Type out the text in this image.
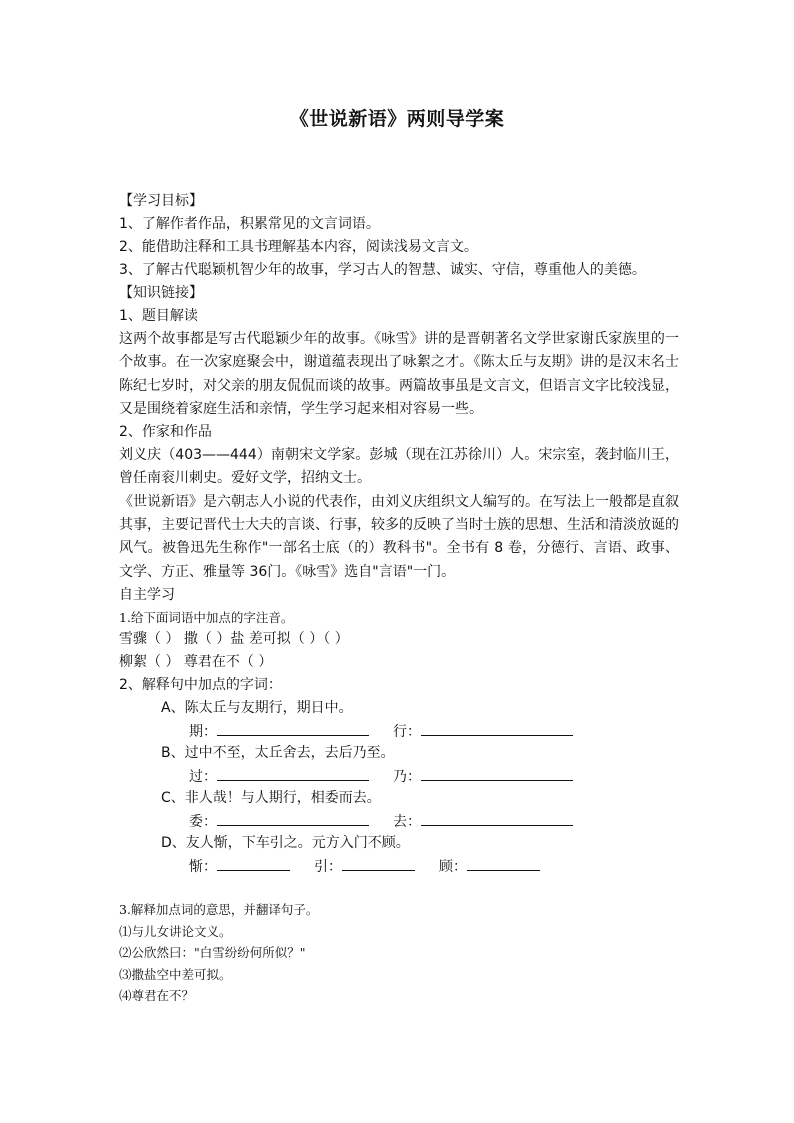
《世说新语》两则导学案
【学习目标】
1、了解作者作品，积累常见的文言词语。
2、能借助注释和工具书理解基本内容，阅读浅易文言文。
3、了解古代聪颖机智少年的故事，学习古人的智慧、诚实、守信，尊重他人的美德。
【知识链接】
1、题目解读
这两个故事都是写古代聪颖少年的故事。《咏雪》讲的是晋朝著名文学世家谢氏家族里的一个故事。在一次家庭聚会中，谢道蕴表现出了咏絮之才。《陈太丘与友期》讲的是汉末名士陈纪七岁时，对父亲的朋友侃侃而谈的故事。两篇故事虽是文言文，但语言文字比较浅显，又是围绕着家庭生活和亲情，学生学习起来相对容易一些。
2、作家和作品
刘义庆（403——444）南朝宋文学家。彭城（现在江苏徐川）人。宋宗室，袭封临川王，曾任南衮川刺史。爱好文学，招纳文士。
《世说新语》是六朝志人小说的代表作，由刘义庆组织文人编写的。在写法上一般都是直叙其事，主要记晋代士大夫的言谈、行事，较多的反映了当时士族的思想、生活和清淡放诞的风气。被鲁迅先生称作"一部名士底（的）教科书"。全书有 8 卷，分德行、言语、政事、文学、方正、雅量等 36门。《咏雪》选自"言语"一门。
自主学习
1.给下面词语中加点的字注音。
雪骤（ ） 撒（ ）盐 差可拟（ ）（ ）
柳絮（ ） 尊君在不（ ）
2、解释句中加点的字词：
A、陈太丘与友期行，期日中。
期：	行：
B、过中不至，太丘舍去，去后乃至。
过：	乃：
C、非人哉！与人期行，相委而去。
委：	去：
D、友人惭，下车引之。元方入门不顾。
惭：	引：	顾：
3.解释加点词的意思，并翻译句子。
⑴与儿女讲论文义。
⑵公欣然曰："白雪纷纷何所似？"
⑶撒盐空中差可拟。
⑷尊君在不？
